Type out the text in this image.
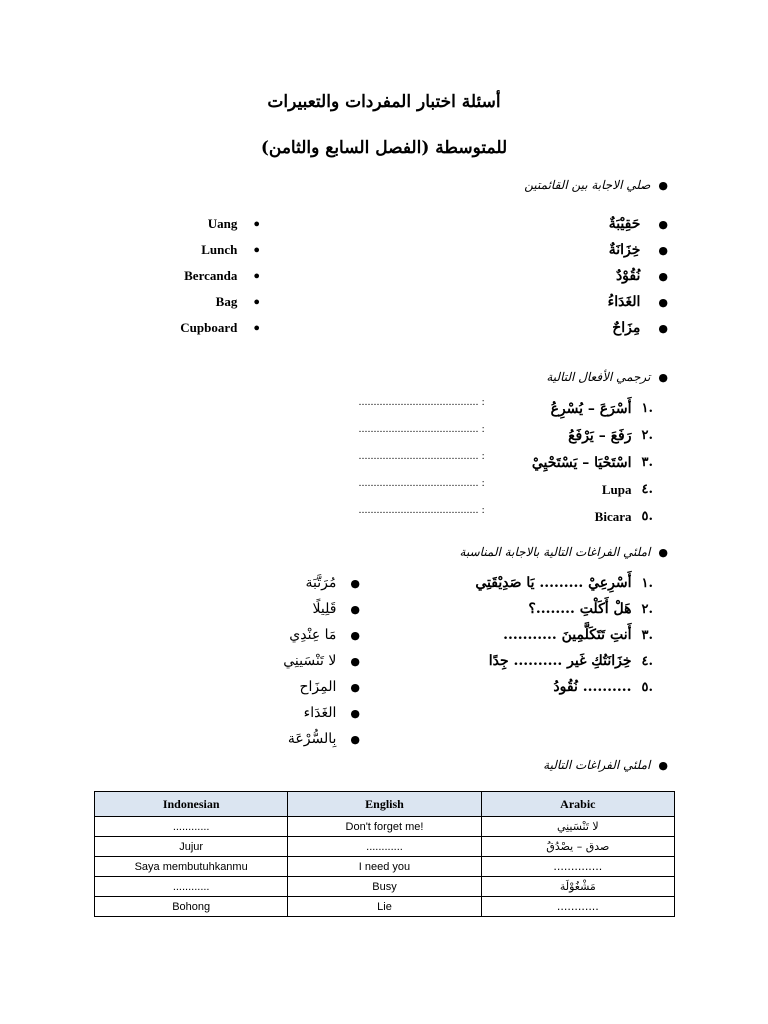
أسئلة اختبار المفردات والتعبيرات
للمتوسطة (الفصل السابع والثامن)
●
صلي الاجابة بين القائمتين
●
حَقِيْبَةٌ
●
خِزَانَةٌ
●
نُقُوْدٌ
●
الغَدَاءُ
●
مِزَاحٌ
Uang ●
Lunch ●
Bercanda ●
Bag ●
Cupboard ●
●
ترجمي الأفعال التالية
.١
أَسْرَعَ – يُسْرِعُ
.٢
رَفَعَ – يَرْفَعُ
.٣
اسْتَحْيَا – يَسْتَحْيِيْ
.٤
Lupa
.٥
Bicara
: ........................................
: ........................................
: ........................................
: ........................................
: ........................................
●
املئي الفراغات التالية بالاجابة المناسبة
.١
أَسْرِعِيْ ......... يَا صَدِيْقَتِي
.٢
هَلْ أَكَلْتِ ........؟
.٣
أَنتِ تَتَكَلَّمِينَ ...........
.٤
خِزَانَتُكِ غَير .......... جِدًا
.٥
.......... نُقُودُ
●
مُرَتَّبَة
●
قَلِيلًا
●
مَا عِنْدِي
●
لا تَنْسَينِي
●
المِزَاح
●
الغَدَاء
●
بِالسُّرْعَة
●
املئي الفراغات التالية
Indonesian	English	Arabic
............	Don't forget me!	لا تَنْسَينِي
Jujur	............	صدق – يصْدُقُ
Saya membutuhkanmu	I need you	..............
............	Busy	مَشْغُوْلَة
Bohong	Lie	............
